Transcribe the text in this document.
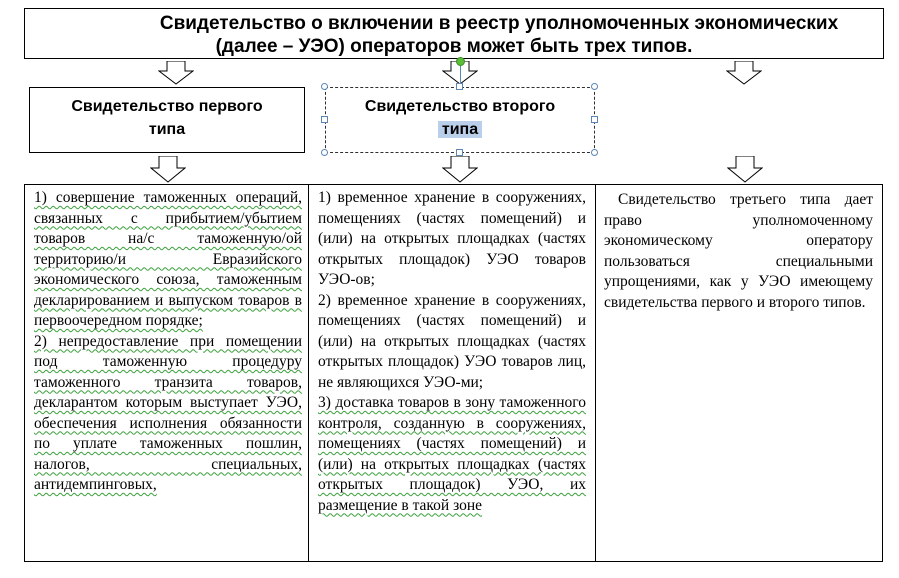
Свидетельство о включении в реестр уполномоченных экономических
(далее – УЭО) операторов может быть трех типов.
Свидетельство первого
типа
Свидетельство второго
типа

1) совершение таможенных операций, связанных с прибытием/убытием товаров на/с таможенную/ой территорию/и Евразийского экономического союза, таможенным декларированием и выпуском товаров в первоочередном порядке;

2) непредоставление при помещении под таможенную процедуру таможенного транзита товаров, декларантом которым выступает УЭО, обеспечения исполнения обязанности по уплате таможенных пошлин, налогов, специальных, антидемпинговых,

1) временное хранение в сооружениях, помещениях (частях помещений) и (или) на открытых площадках (частях открытых площадок) УЭО товаров УЭО-ов;

2) временное хранение в сооружениях, помещениях (частях помещений) и (или) на открытых площадках (частях открытых площадок) УЭО товаров лиц, не являющихся УЭО-ми;

3) доставка товаров в зону таможенного контроля, созданную в сооружениях, помещениях (частях помещений) и (или) на открытых площадках (частях открытых площадок) УЭО, их размещение в такой зоне

Свидетельство третьего типа дает право уполномоченному экономическому оператору пользоваться специальными упрощениями, как у УЭО имеющему свидетельства первого и второго типов.
